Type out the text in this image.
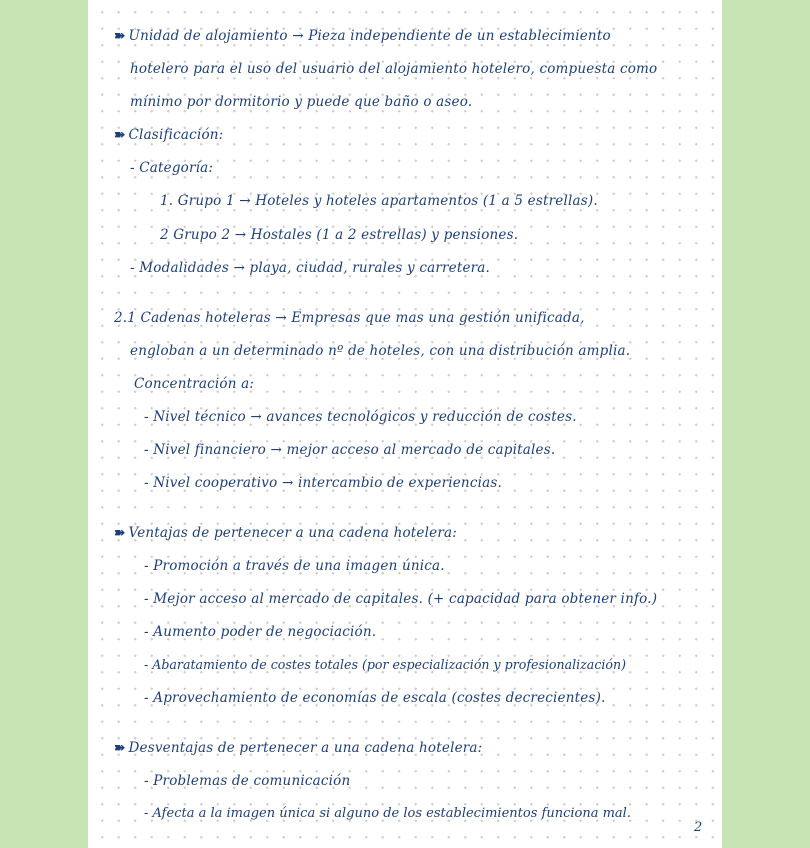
➽ Unidad de alojamiento → Pieza independiente de un establecimiento
hotelero para el uso del usuario del alojamiento hotelero, compuesta como
mínimo por dormitorio y puede que baño o aseo.
➽ Clasificación:
- Categoría:
1. Grupo 1 → Hoteles y hoteles apartamentos (1 a 5 estrellas).
2 Grupo 2 → Hostales (1 a 2 estrellas) y pensiones.
- Modalidades → playa, ciudad, rurales y carretera.
2.1 Cadenas hoteleras → Empresas que mas una gestión unificada,
engloban a un determinado nº de hoteles, con una distribución amplia.
Concentración a:
- Nivel técnico → avances tecnológicos y reducción de costes.
- Nivel financiero → mejor acceso al mercado de capitales.
- Nivel cooperativo → intercambio de experiencias.
➽ Ventajas de pertenecer a una cadena hotelera:
- Promoción a través de una imagen única.
- Mejor acceso al mercado de capitales. (+ capacidad para obtener info.)
- Aumento poder de negociación.
- Abaratamiento de costes totales (por especialización y profesionalización)
- Aprovechamiento de economías de escala (costes decrecientes).
➽ Desventajas de pertenecer a una cadena hotelera:
- Problemas de comunicación
- Afecta a la imagen única si alguno de los establecimientos funciona mal.
2
